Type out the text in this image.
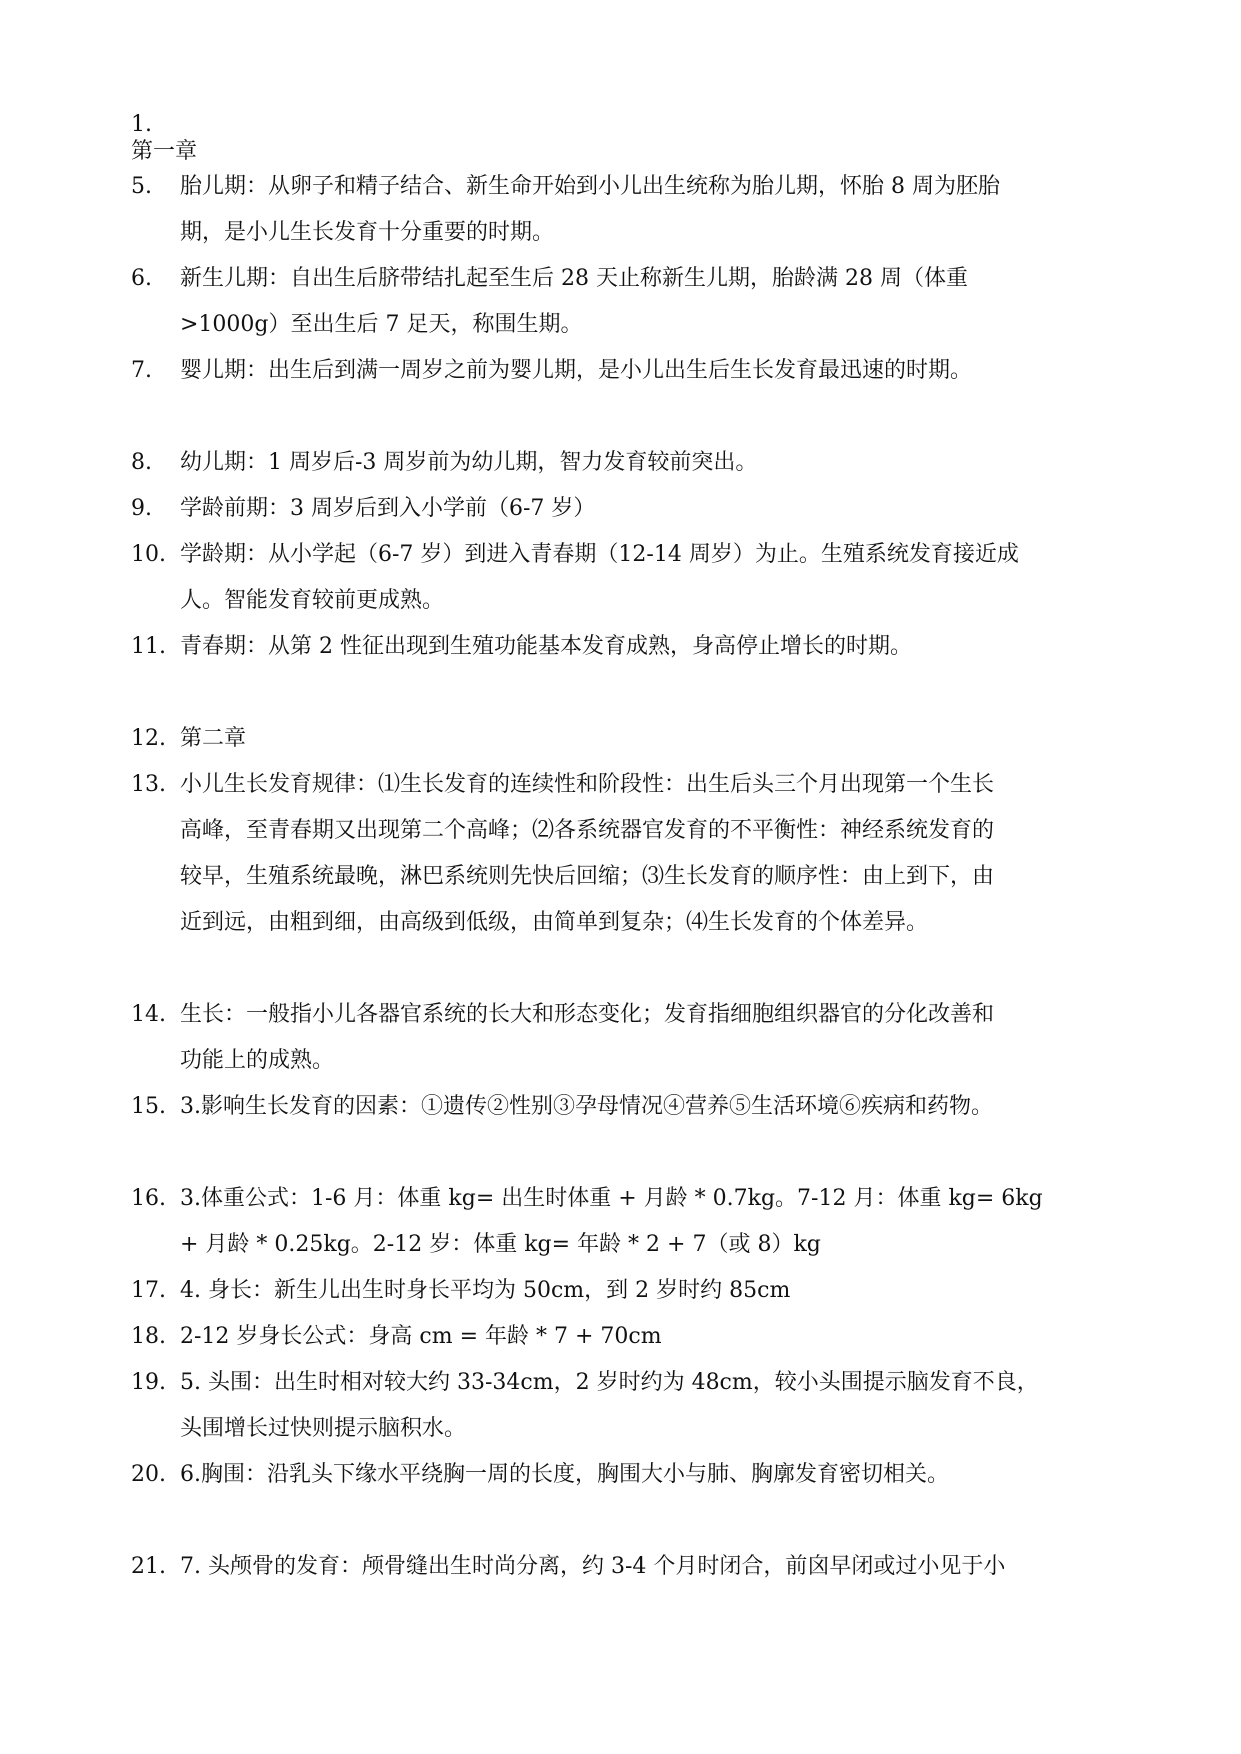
1.
第一章
5. 胎儿期：从卵子和精子结合、新生命开始到小儿出生统称为胎儿期，怀胎 8 周为胚胎
期，是小儿生长发育十分重要的时期。
6. 新生儿期：自出生后脐带结扎起至生后 28 天止称新生儿期，胎龄满 28 周（体重
>1000g）至出生后 7 足天，称围生期。
7. 婴儿期：出生后到满一周岁之前为婴儿期，是小儿出生后生长发育最迅速的时期。
8. 幼儿期：1 周岁后-3 周岁前为幼儿期，智力发育较前突出。
9. 学龄前期：3 周岁后到入小学前（6-7 岁）
10. 学龄期：从小学起（6-7 岁）到进入青春期（12-14 周岁）为止。生殖系统发育接近成
人。智能发育较前更成熟。
11. 青春期：从第 2 性征出现到生殖功能基本发育成熟，身高停止增长的时期。
12. 第二章
13. 小儿生长发育规律：⑴生长发育的连续性和阶段性：出生后头三个月出现第一个生长
高峰，至青春期又出现第二个高峰；⑵各系统器官发育的不平衡性：神经系统发育的
较早，生殖系统最晚，淋巴系统则先快后回缩；⑶生长发育的顺序性：由上到下，由
近到远，由粗到细，由高级到低级，由简单到复杂；⑷生长发育的个体差异。
14. 生长：一般指小儿各器官系统的长大和形态变化；发育指细胞组织器官的分化改善和
功能上的成熟。
15. 3.影响生长发育的因素：①遗传②性别③孕母情况④营养⑤生活环境⑥疾病和药物。
16. 3.体重公式：1-6 月：体重 kg= 出生时体重 + 月龄 * 0.7kg。7-12 月：体重 kg= 6kg
+ 月龄 * 0.25kg。2-12 岁：体重 kg= 年龄 * 2 + 7（或 8）kg
17. 4. 身长：新生儿出生时身长平均为 50cm，到 2 岁时约 85cm
18. 2-12 岁身长公式：身高 cm = 年龄 * 7 + 70cm
19. 5. 头围：出生时相对较大约 33-34cm，2 岁时约为 48cm，较小头围提示脑发育不良，
头围增长过快则提示脑积水。
20. 6.胸围：沿乳头下缘水平绕胸一周的长度，胸围大小与肺、胸廓发育密切相关。
21. 7. 头颅骨的发育：颅骨缝出生时尚分离，约 3-4 个月时闭合，前囟早闭或过小见于小
